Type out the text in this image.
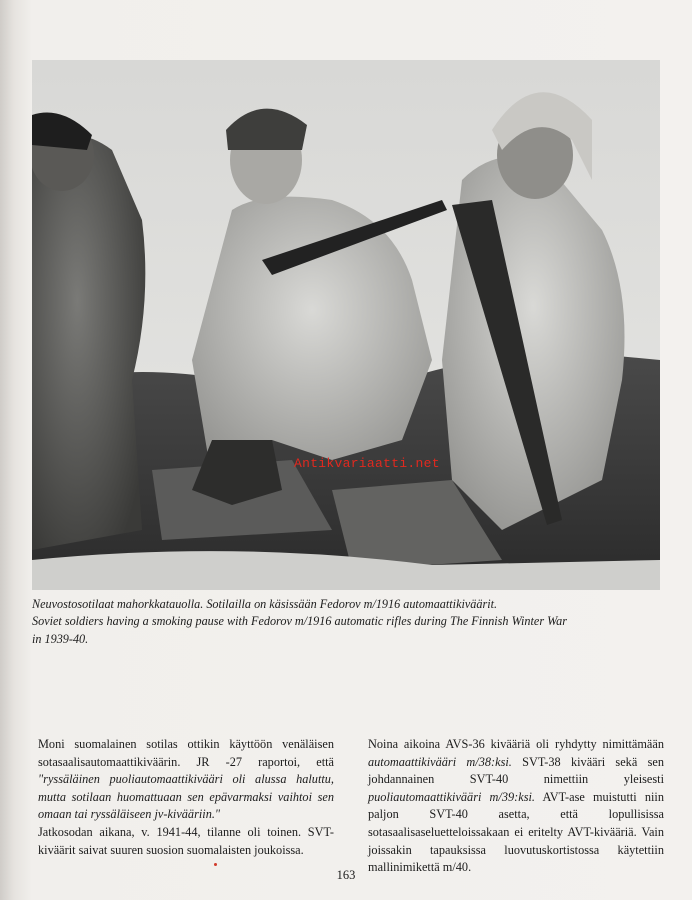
Antikvariaatti.net
Neuvostosotilaat mahorkkatauolla. Sotilailla on käsissään Fedorov m/1916 automaattikiväärit.
Soviet soldiers having a smoking pause with Fedorov m/1916 automatic rifles during The Finnish Winter War
in 1939-40.

Moni suomalainen sotilas ottikin käyttöön venäläisen sotasaalisautomaattikiväärin. JR -27 raportoi, että "ryssäläinen puoliautomaattikivääri oli alussa haluttu, mutta sotilaan huomattuaan sen epävarmaksi vaihtoi sen omaan tai ryssäläiseen jv-kivääriin."

Jatkosodan aikana, v. 1941-44, tilanne oli toinen. SVT-kiväärit saivat suuren suosion suomalaisten joukoissa.

Noina aikoina AVS-36 kivääriä oli ryhdytty nimittämään automaattikivääri m/38:ksi. SVT-38 kivääri sekä sen johdannainen SVT-40 nimettiin yleisesti puoliautomaattikivääri m/39:ksi. AVT-ase muistutti niin paljon SVT-40 asetta, että lopullisissa sotasaalisaseluetteloissakaan ei eritelty AVT-kivääriä. Vain joissakin tapauksissa luovutuskortistossa käytettiin mallinimikettä m/40.

163
